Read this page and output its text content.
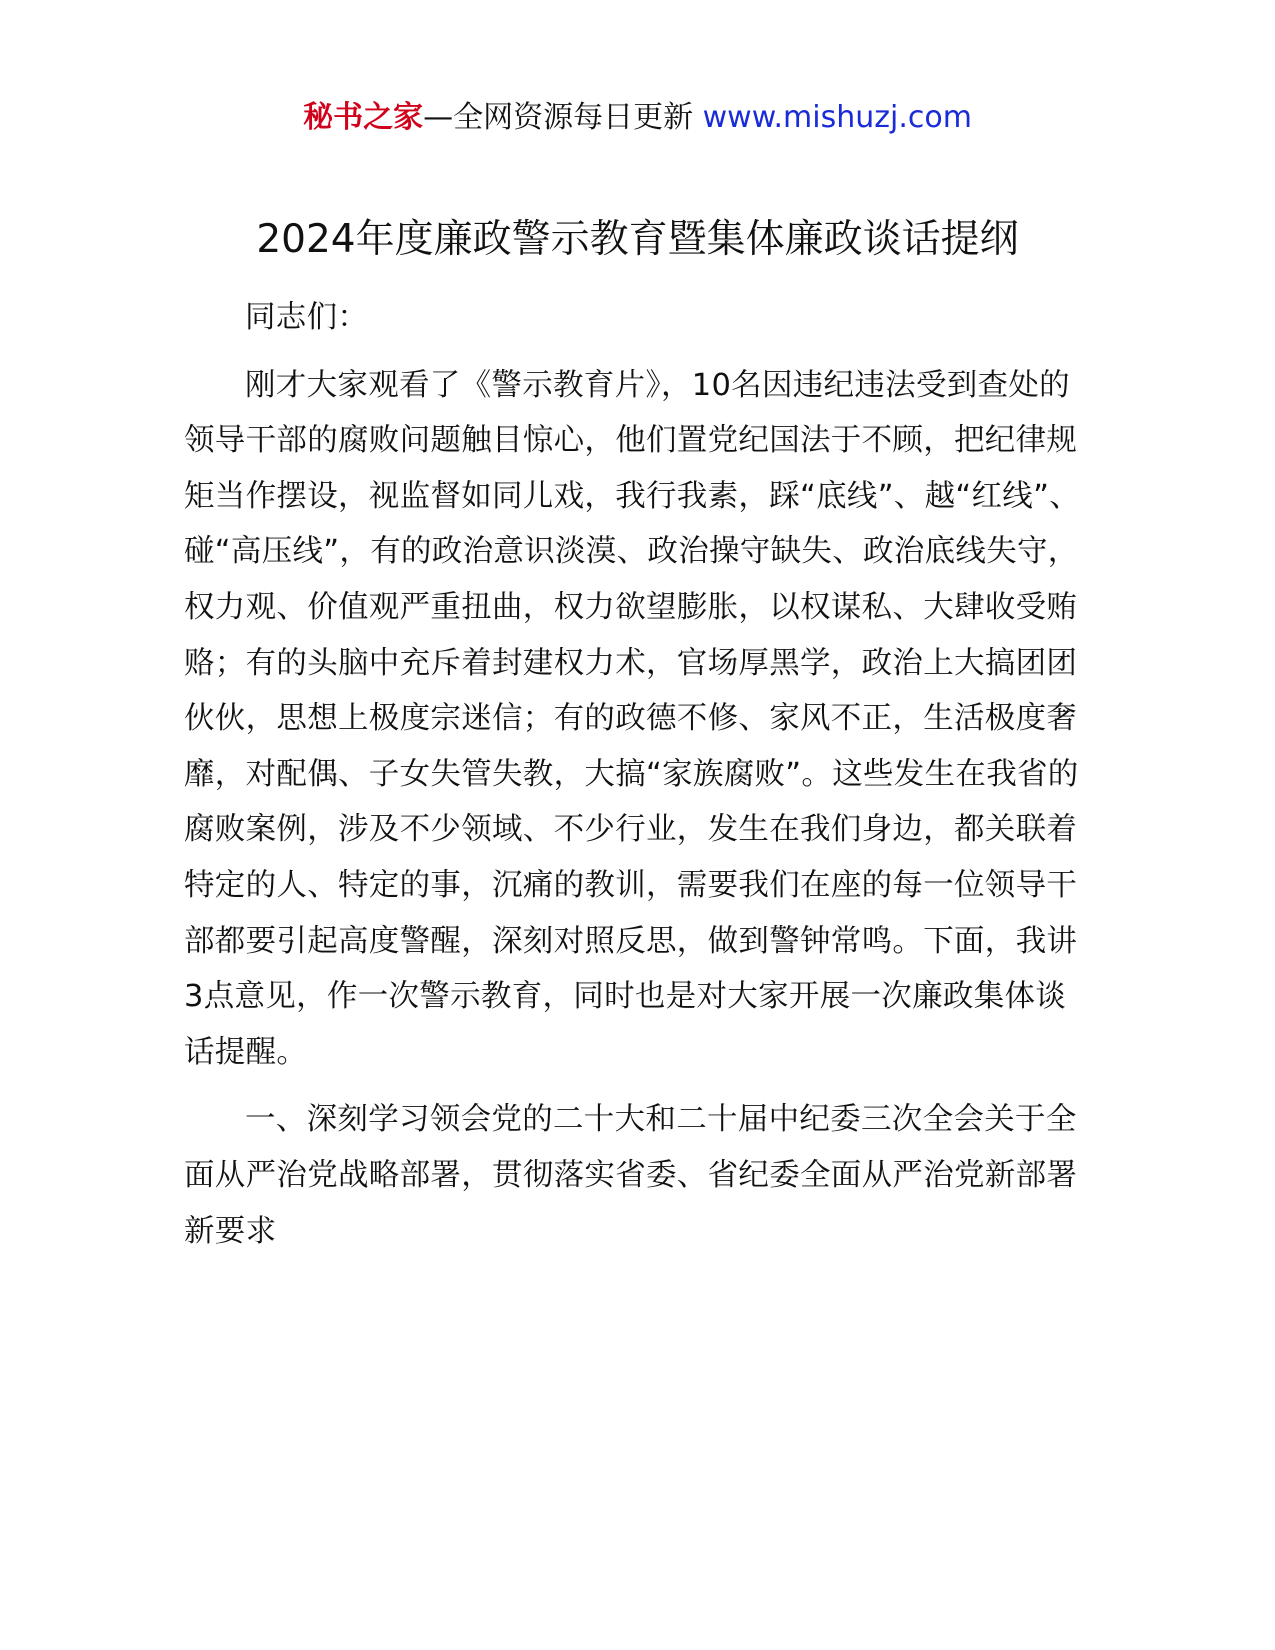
秘书之家—全网资源每日更新 www.mishuzj.com
2024年度廉政警示教育暨集体廉政谈话提纲

同志们：

刚才大家观看了《警示教育片》，10名因违纪违法受到查处的领导干部的腐败问题触目惊心，他们置党纪国法于不顾，把纪律规矩当作摆设，视监督如同儿戏，我行我素，踩“底线”、越“红线”、碰“高压线”，有的政治意识淡漠、政治操守缺失、政治底线失守，权力观、价值观严重扭曲，权力欲望膨胀，以权谋私、大肆收受贿赂；有的头脑中充斥着封建权力术，官场厚黑学，政治上大搞团团伙伙，思想上极度宗迷信；有的政德不修、家风不正，生活极度奢靡，对配偶、子女失管失教，大搞“家族腐败”。这些发生在我省的腐败案例，涉及不少领域、不少行业，发生在我们身边，都关联着特定的人、特定的事，沉痛的教训，需要我们在座的每一位领导干部都要引起高度警醒，深刻对照反思，做到警钟常鸣。下面，我讲3点意见，作一次警示教育，同时也是对大家开展一次廉政集体谈话提醒。

一、深刻学习领会党的二十大和二十届中纪委三次全会关于全面从严治党战略部署，贯彻落实省委、省纪委全面从严治党新部署新要求
